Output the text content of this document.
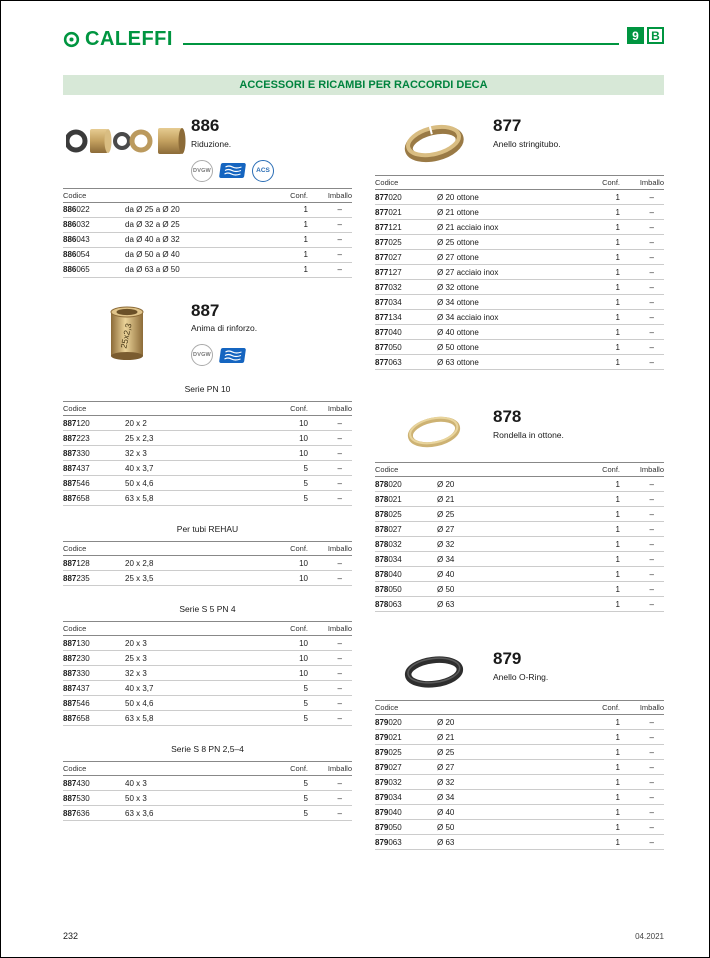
CALEFFI	9	B
ACCESSORI E RICAMBI PER RACCORDI DECA
886
Riduzione.
DVGW	ACS
Codice		Conf.	Imballo
886022	da Ø 25 a Ø 20	1	–
886032	da Ø 32 a Ø 25	1	–
886043	da Ø 40 a Ø 32	1	–
886054	da Ø 50 a Ø 40	1	–
886065	da Ø 63 a Ø 50	1	–
25x2,3
887
Anima di rinforzo.
DVGW
Serie PN 10
Codice		Conf.	Imballo
887120	20 x 2	10	–
887223	25 x 2,3	10	–
887330	32 x 3	10	–
887437	40 x 3,7	5	–
887546	50 x 4,6	5	–
887658	63 x 5,8	5	–
Per tubi REHAU
Codice		Conf.	Imballo
887128	20 x 2,8	10	–
887235	25 x 3,5	10	–
Serie S 5 PN 4
Codice		Conf.	Imballo
887130	20 x 3	10	–
887230	25 x 3	10	–
887330	32 x 3	10	–
887437	40 x 3,7	5	–
887546	50 x 4,6	5	–
887658	63 x 5,8	5	–
Serie S 8 PN 2,5–4
Codice		Conf.	Imballo
887430	40 x 3	5	–
887530	50 x 3	5	–
887636	63 x 3,6	5	–
877
Anello stringitubo.
Codice		Conf.	Imballo
877020	Ø 20 ottone	1	–
877021	Ø 21 ottone	1	–
877121	Ø 21 acciaio inox	1	–
877025	Ø 25 ottone	1	–
877027	Ø 27 ottone	1	–
877127	Ø 27 acciaio inox	1	–
877032	Ø 32 ottone	1	–
877034	Ø 34 ottone	1	–
877134	Ø 34 acciaio inox	1	–
877040	Ø 40 ottone	1	–
877050	Ø 50 ottone	1	–
877063	Ø 63 ottone	1	–
878
Rondella in ottone.
Codice		Conf.	Imballo
878020	Ø 20	1	–
878021	Ø 21	1	–
878025	Ø 25	1	–
878027	Ø 27	1	–
878032	Ø 32	1	–
878034	Ø 34	1	–
878040	Ø 40	1	–
878050	Ø 50	1	–
878063	Ø 63	1	–
879
Anello O-Ring.
Codice		Conf.	Imballo
879020	Ø 20	1	–
879021	Ø 21	1	–
879025	Ø 25	1	–
879027	Ø 27	1	–
879032	Ø 32	1	–
879034	Ø 34	1	–
879040	Ø 40	1	–
879050	Ø 50	1	–
879063	Ø 63	1	–
232	04.2021
